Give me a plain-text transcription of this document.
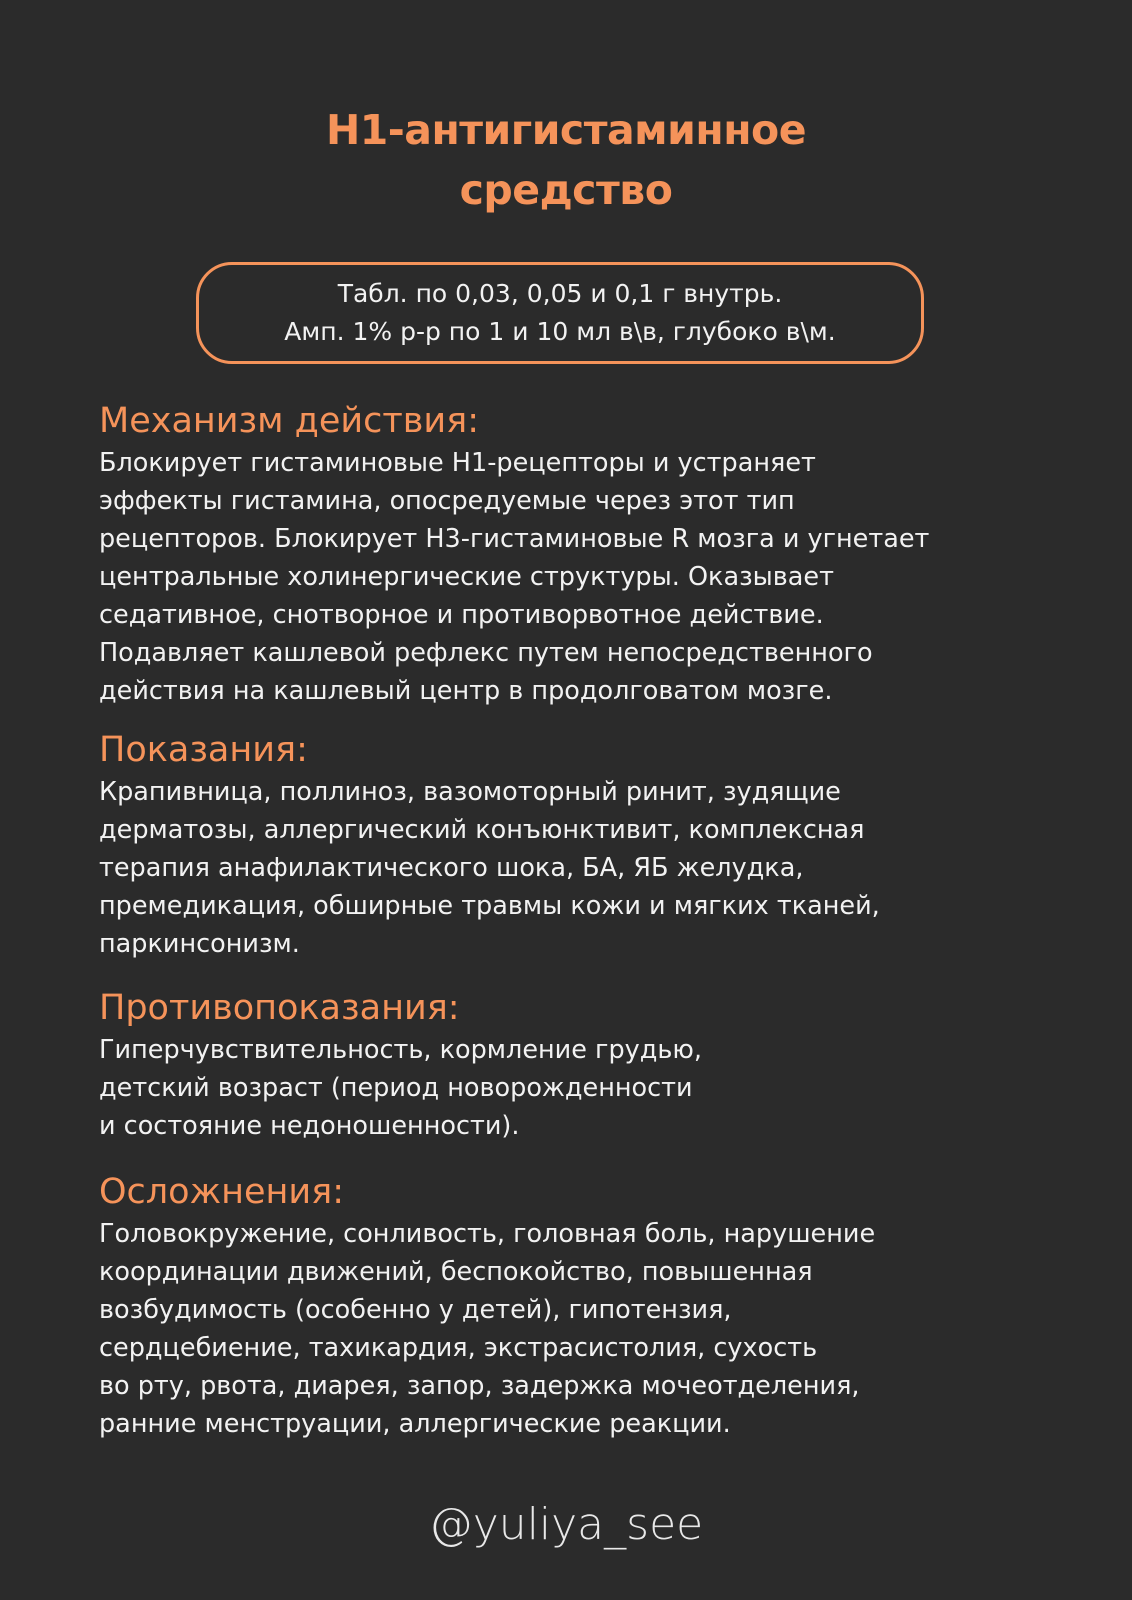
H1-антигистаминное
средство
Табл. по 0,03, 0,05 и 0,1 г внутрь.
Амп. 1% р-р по 1 и 10 мл в\в, глубоко в\м.
Механизм действия:
Блокирует гистаминовые H1-рецепторы и устраняет
эффекты гистамина, опосредуемые через этот тип
рецепторов. Блокирует H3-гистаминовые R мозга и угнетает
центральные холинергические структуры. Оказывает
седативное, снотворное и противорвотное действие.
Подавляет кашлевой рефлекс путем непосредственного
действия на кашлевый центр в продолговатом мозге.
Показания:
Крапивница, поллиноз, вазомоторный ринит, зудящие
дерматозы, аллергический конъюнктивит, комплексная
терапия анафилактического шока, БА, ЯБ желудка,
премедикация, обширные травмы кожи и мягких тканей,
паркинсонизм.
Противопоказания:
Гиперчувствительность, кормление грудью,
детский возраст (период новорожденности
и состояние недоношенности).
Осложнения:
Головокружение, сонливость, головная боль, нарушение
координации движений, беспокойство, повышенная
возбудимость (особенно у детей), гипотензия,
сердцебиение, тахикардия, экстрасистолия, сухость
во рту, рвота, диарея, запор, задержка мочеотделения,
ранние менструации, аллергические реакции.
@yuliya_see
